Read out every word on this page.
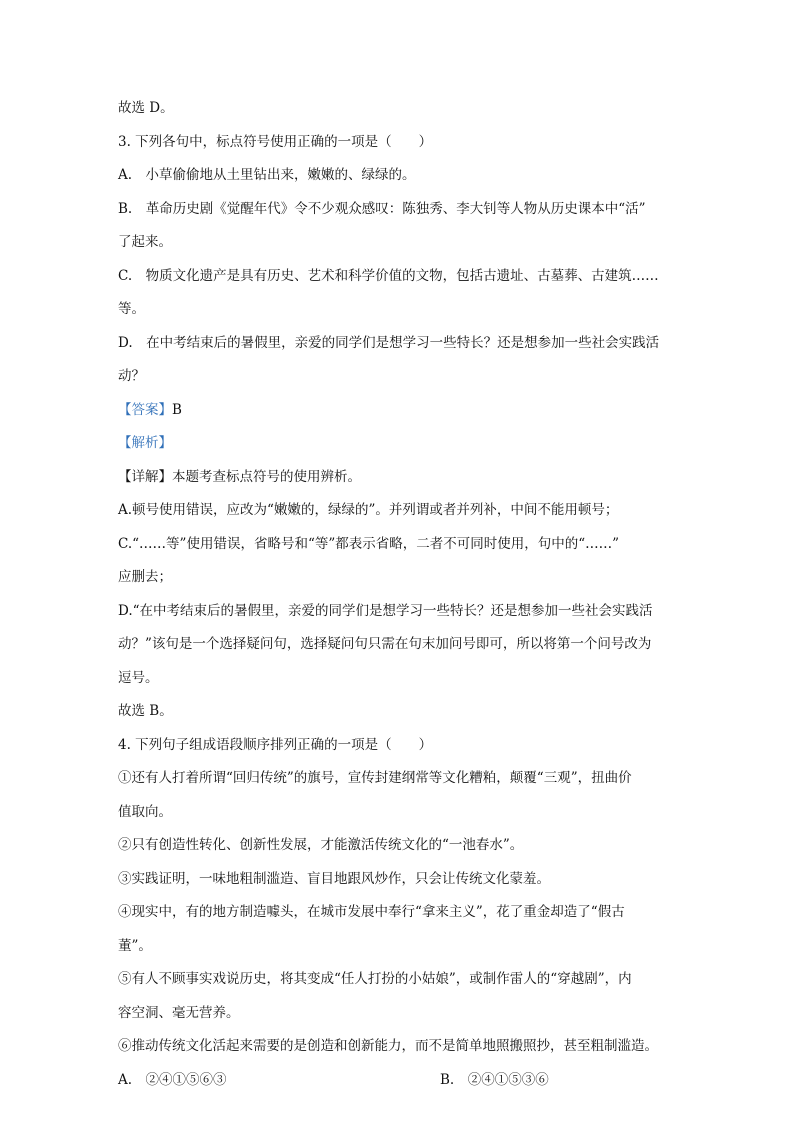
故选 D。
3. 下列各句中，标点符号使用正确的一项是（　　）
A.　小草偷偷地从土里钻出来，嫩嫩的、绿绿的。
B.　革命历史剧《觉醒年代》令不少观众感叹：陈独秀、李大钊等人物从历史课本中“活”
了起来。
C.　物质文化遗产是具有历史、艺术和科学价值的文物，包括古遗址、古墓葬、古建筑……
等。
D.　在中考结束后的暑假里，亲爱的同学们是想学习一些特长？还是想参加一些社会实践活
动？
【答案】B
【解析】
【详解】本题考查标点符号的使用辨析。
A.顿号使用错误，应改为“嫩嫩的，绿绿的”。并列谓或者并列补，中间不能用顿号；
C.“……等”使用错误，省略号和“等”都表示省略，二者不可同时使用，句中的“……”
应删去；
D.“在中考结束后的暑假里，亲爱的同学们是想学习一些特长？还是想参加一些社会实践活
动？”该句是一个选择疑问句，选择疑问句只需在句末加问号即可，所以将第一个问号改为
逗号。
故选 B。
4. 下列句子组成语段顺序排列正确的一项是（　　）
①还有人打着所谓“回归传统”的旗号，宣传封建纲常等文化糟粕，颠覆“三观”，扭曲价
值取向。
②只有创造性转化、创新性发展，才能激活传统文化的“一池春水”。
③实践证明，一味地粗制滥造、盲目地跟风炒作，只会让传统文化蒙羞。
④现实中，有的地方制造噱头，在城市发展中奉行“拿来主义”，花了重金却造了“假古
董”。
⑤有人不顾事实戏说历史，将其变成“任人打扮的小姑娘”，或制作雷人的“穿越剧”，内
容空洞、毫无营养。
⑥推动传统文化活起来需要的是创造和创新能力，而不是简单地照搬照抄，甚至粗制滥造。
A.　②④①⑤⑥③	B.　②④①⑤③⑥
